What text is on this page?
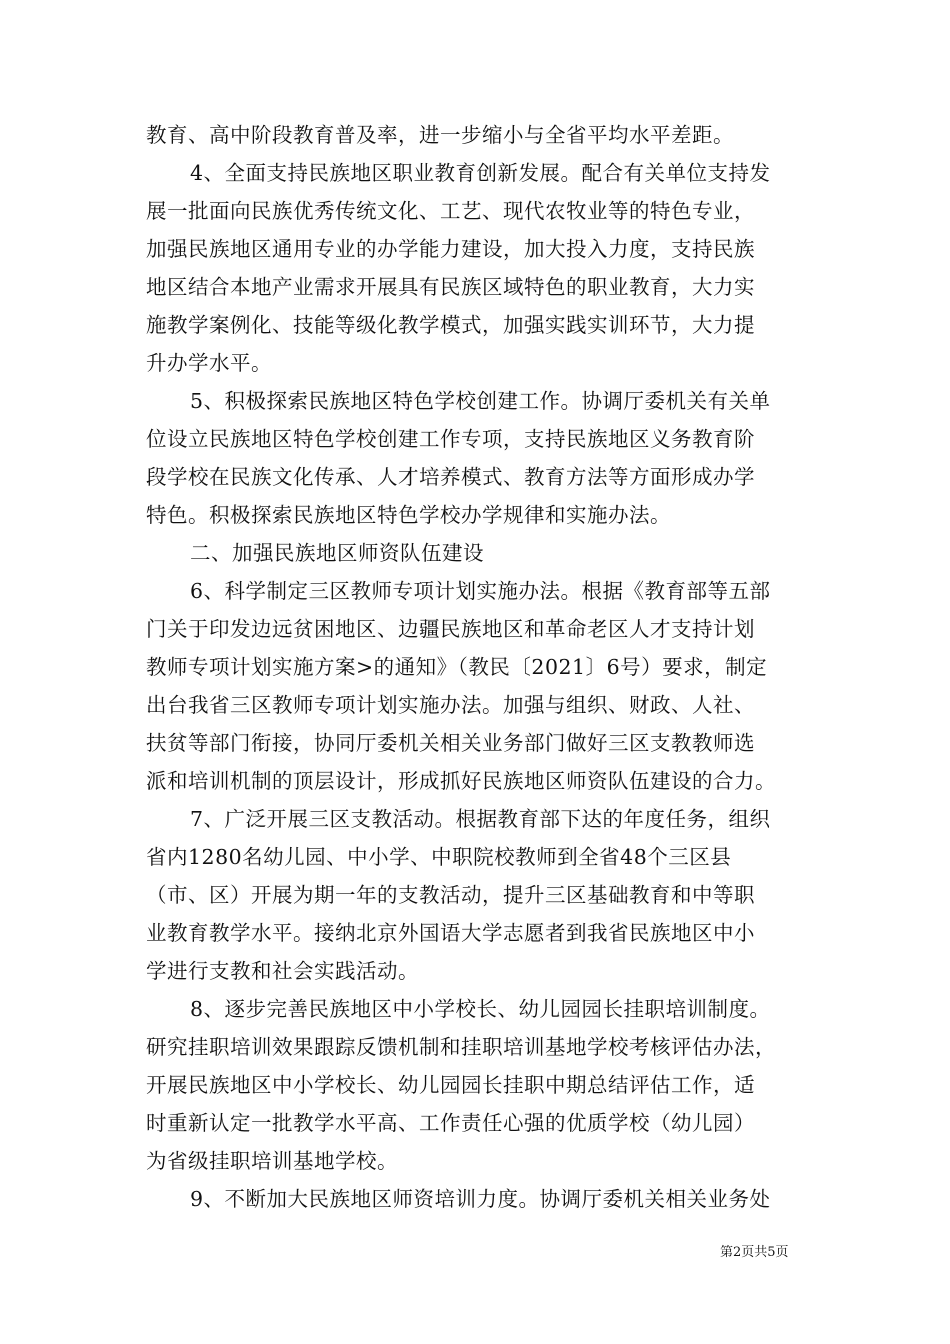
教育、高中阶段教育普及率，进一步缩小与全省平均水平差距。
4、全面支持民族地区职业教育创新发展。配合有关单位支持发
展一批面向民族优秀传统文化、工艺、现代农牧业等的特色专业，
加强民族地区通用专业的办学能力建设，加大投入力度，支持民族
地区结合本地产业需求开展具有民族区域特色的职业教育，大力实
施教学案例化、技能等级化教学模式，加强实践实训环节，大力提
升办学水平。
5、积极探索民族地区特色学校创建工作。协调厅委机关有关单
位设立民族地区特色学校创建工作专项，支持民族地区义务教育阶
段学校在民族文化传承、人才培养模式、教育方法等方面形成办学
特色。积极探索民族地区特色学校办学规律和实施办法。
二、加强民族地区师资队伍建设
6、科学制定三区教师专项计划实施办法。根据《教育部等五部
门关于印发边远贫困地区、边疆民族地区和革命老区人才支持计划
教师专项计划实施方案>的通知》（教民〔2021〕6号）要求，制定
出台我省三区教师专项计划实施办法。加强与组织、财政、人社、
扶贫等部门衔接，协同厅委机关相关业务部门做好三区支教教师选
派和培训机制的顶层设计，形成抓好民族地区师资队伍建设的合力。
7、广泛开展三区支教活动。根据教育部下达的年度任务，组织
省内1280名幼儿园、中小学、中职院校教师到全省48个三区县
（市、区）开展为期一年的支教活动，提升三区基础教育和中等职
业教育教学水平。接纳北京外国语大学志愿者到我省民族地区中小
学进行支教和社会实践活动。
8、逐步完善民族地区中小学校长、幼儿园园长挂职培训制度。
研究挂职培训效果跟踪反馈机制和挂职培训基地学校考核评估办法，
开展民族地区中小学校长、幼儿园园长挂职中期总结评估工作，适
时重新认定一批教学水平高、工作责任心强的优质学校（幼儿园）
为省级挂职培训基地学校。
9、不断加大民族地区师资培训力度。协调厅委机关相关业务处
第2页共5页
